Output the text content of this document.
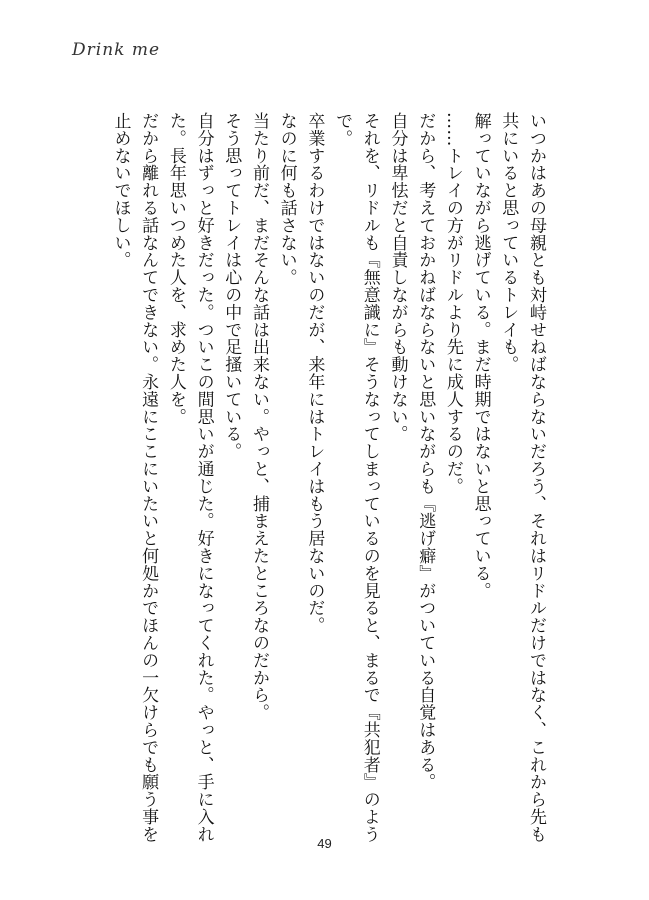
Drink me
いつかはあの母親とも対峙せねばならないだろう、それはリドルだけではなく、これから先も
共にいると思っているトレイも。
解っていながら逃げている。まだ時期ではないと思っている。
……トレイの方がリドルより先に成人するのだ。
だから、考えておかねばならないと思いながらも『逃げ癖』がついている自覚はある。
自分は卑怯だと自責しながらも動けない。
それを、リドルも『無意識に』そうなってしまっているのを見ると、まるで『共犯者』のよう
で。
卒業するわけではないのだが、来年にはトレイはもう居ないのだ。
なのに何も話さない。
当たり前だ、まだそんな話は出来ない。やっと、捕まえたところなのだから。
そう思ってトレイは心の中で足搔いている。
自分はずっと好きだった。ついこの間思いが通じた。好きになってくれた。やっと、手に入れ
た。長年思いつめた人を、求めた人を。
だから離れる話なんてできない。永遠にここにいたいと何処かでほんの一欠けらでも願う事を
止めないでほしい。
49
